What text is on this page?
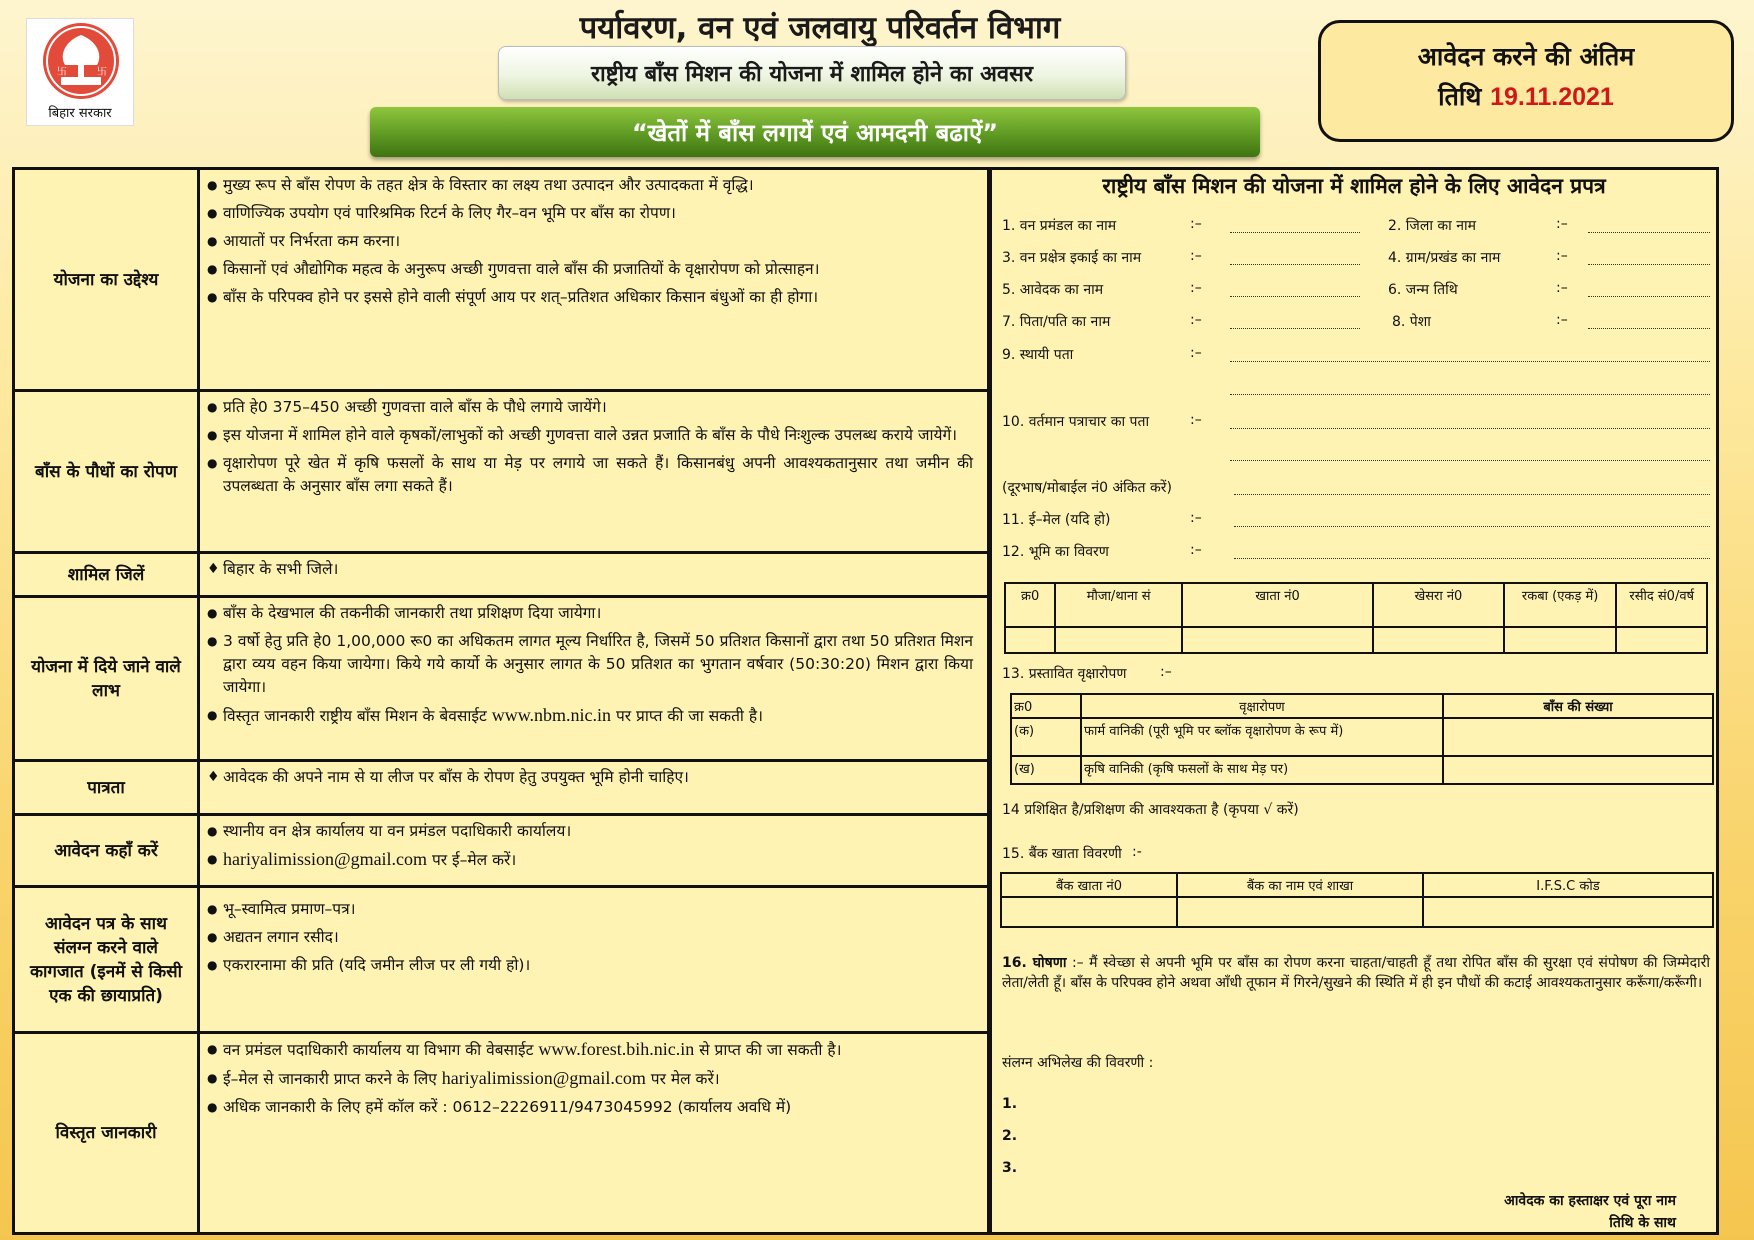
卐	卐
बिहार सरकार
पर्यावरण, वन एवं जलवायु परिवर्तन विभाग
राष्ट्रीय बाँस मिशन की योजना में शामिल होने का अवसर
“खेतों में बाँस लगायें एवं आमदनी बढाऐं”
आवेदन करने की अंतिम
तिथि 19.11.2021
योजना का उद्देश्य
● मुख्य रूप से बाँस रोपण के तहत क्षेत्र के विस्तार का लक्ष्य तथा उत्पादन और उत्पादकता में वृद्धि।
● वाणिज्यिक उपयोग एवं पारिश्रमिक रिटर्न के लिए गैर–वन भूमि पर बाँस का रोपण।
● आयातों पर निर्भरता कम करना।
● किसानों एवं औद्योगिक महत्व के अनुरूप अच्छी गुणवत्ता वाले बाँस की प्रजातियों के वृक्षारोपण को प्रोत्साहन।
● बाँस के परिपक्व होने पर इससे होने वाली संपूर्ण आय पर शत्–प्रतिशत अधिकार किसान बंधुओं का ही होगा।
बाँस के पौधों का रोपण
● प्रति हे0 375–450 अच्छी गुणवत्ता वाले बाँस के पौधे लगाये जायेंगे।
● इस योजना में शामिल होने वाले कृषकों/लाभुकों को अच्छी गुणवत्ता वाले उन्नत प्रजाति के बाँस के पौधे निःशुल्क उपलब्ध कराये जायेगें।
● वृक्षारोपण पूरे खेत में कृषि फसलों के साथ या मेड़ पर लगाये जा सकते हैं। किसानबंधु अपनी आवश्यकतानुसार तथा जमीन की उपलब्धता के अनुसार बाँस लगा सकते हैं।
शामिल जिलें	♦ बिहार के सभी जिले।
योजना में दिये जाने वाले लाभ
● बाँस के देखभाल की तकनीकी जानकारी तथा प्रशिक्षण दिया जायेगा।
● 3 वर्षो हेतु प्रति हे0 1,00,000 रू0 का अधिकतम लागत मूल्य निर्धारित है, जिसमें 50 प्रतिशत किसानों द्वारा तथा 50 प्रतिशत मिशन द्वारा व्यय वहन किया जायेगा। किये गये कार्यो के अनुसार लागत के 50 प्रतिशत का भुगतान वर्षवार (50:30:20) मिशन द्वारा किया जायेगा।
● विस्तृत जानकारी राष्ट्रीय बाँस मिशन के बेवसाईट www.nbm.nic.in पर प्राप्त की जा सकती है।
पात्रता
♦ आवेदक की अपने नाम से या लीज पर बाँस के रोपण हेतु उपयुक्त भूमि होनी चाहिए।
आवेदन कहाँ करें
● स्थानीय वन क्षेत्र कार्यालय या वन प्रमंडल पदाधिकारी कार्यालय।
● hariyalimission@gmail.com पर ई–मेल करें।
आवेदन पत्र के साथ संलग्न करने वाले कागजात (इनमें से किसी एक की छायाप्रति)
● भू–स्वामित्व प्रमाण–पत्र।
● अद्यतन लगान रसीद।
● एकरारनामा की प्रति (यदि जमीन लीज पर ली गयी हो)।
विस्तृत जानकारी
● वन प्रमंडल पदाधिकारी कार्यालय या विभाग की वेबसाईट www.forest.bih.nic.in से प्राप्त की जा सकती है।
● ई–मेल से जानकारी प्राप्त करने के लिए hariyalimission@gmail.com पर मेल करें।
● अधिक जानकारी के लिए हमें कॉल करें : 0612–2226911/9473045992 (कार्यालय अवधि में)
राष्ट्रीय बाँस मिशन की योजना में शामिल होने के लिए आवेदन प्रपत्र
1. वन प्रमंडल का नाम	:–	2. जिला का नाम	:–
3. वन प्रक्षेत्र इकाई का नाम	:–	4. ग्राम/प्रखंड का नाम	:–
5. आवेदक का नाम	:–	6. जन्म तिथि	:–
7. पिता/पति का नाम	:–	8. पेशा	:–
9. स्थायी पता	:–
10. वर्तमान पत्राचार का पता	:–
(दूरभाष/मोबाईल नं0 अंकित करें)
11. ई–मेल (यदि हो)	:–
12. भूमि का विवरण	:–
क्र0	मौजा/थाना सं	खाता नं0	खेसरा नं0	रकबा (एकड़ में)	रसीद सं0/वर्ष

13. प्रस्तावित वृक्षारोपण :–
क्र0	वृक्षारोपण	बाँस की संख्या
(क)	फार्म वानिकी (पूरी भूमि पर ब्लॉक वृक्षारोपण के रूप में)	
(ख)	कृषि वानिकी (कृषि फसलों के साथ मेड़ पर)	
14 प्रशिक्षित है/प्रशिक्षण की आवश्यकता है (कृपया √ करें)
15. बैंक खाता विवरणी :-
बैंक खाता नं0	बैंक का नाम एवं शाखा	I.F.S.C कोड

16. घोषणा :– मैं स्वेच्छा से अपनी भूमि पर बाँस का रोपण करना चाहता/चाहती हूँ तथा रोपित बाँस की सुरक्षा एवं संपोषण की जिम्मेदारी लेता/लेती हूँ। बाँस के परिपक्व होने अथवा आँधी तूफान में गिरने/सुखने की स्थिति में ही इन पौधों की कटाई आवश्यकतानुसार करूँगा/करूँगी।
संलग्न अभिलेख की विवरणी :
1.
2.
3.
आवेदक का हस्ताक्षर एवं पूरा नाम
तिथि के साथ
